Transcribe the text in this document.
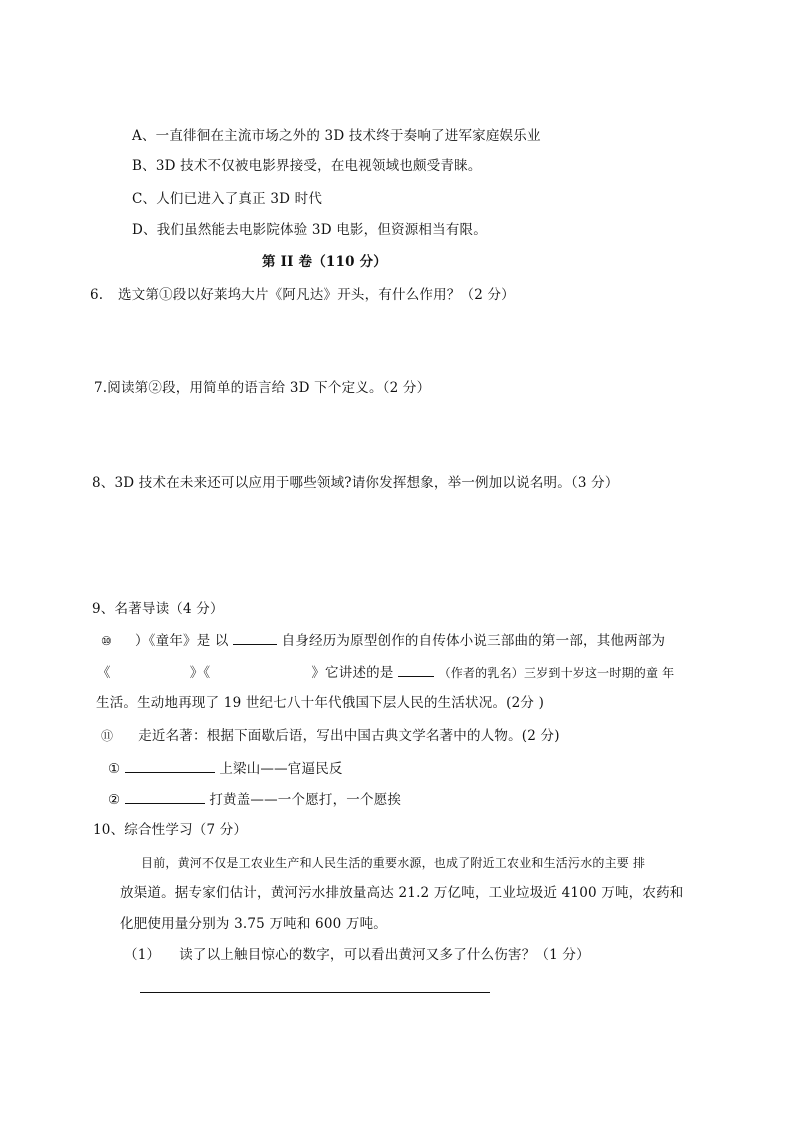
A、一直徘徊在主流市场之外的 3D 技术终于奏响了进军家庭娱乐业
B、3D 技术不仅被电影界接受，在电视领域也颇受青睐。
C、人们已进入了真正 3D 时代
D、我们虽然能去电影院体验 3D 电影，但资源相当有限。
第 II 卷（110 分）
6. 选文第①段以好莱坞大片《阿凡达》开头，有什么作用？（2 分）
7.阅读第②段，用简单的语言给 3D 下个定义。（2 分）
8、3D 技术在未来还可以应用于哪些领域?请你发挥想象，举一例加以说名明。（3 分）
9、名著导读（4 分）
⑩ ）《童年》是 以	自身经历为原型创作的自传体小说三部曲的第一部，其他两部为
《	》《	》它讲述的是	（作者的乳名）三岁到十岁这一时期的童 年
生活。生动地再现了 19 世纪七八十年代俄国下层人民的生活状况。(2分 )
⑪ 走近名著：根据下面歇后语，写出中国古典文学名著中的人物。(2 分)
①	上梁山——官逼民反
②	打黄盖——一个愿打，一个愿挨
10、综合性学习（7 分）
目前，黄河不仅是工农业生产和人民生活的重要水源，也成了附近工农业和生活污水的主要 排
放渠道。据专家们估计，黄河污水排放量高达 21.2 万亿吨，工业垃圾近 4100 万吨，农药和
化肥使用量分别为 3.75 万吨和 600 万吨。
（1） 读了以上触目惊心的数字，可以看出黄河又多了什么伤害？（1 分）
